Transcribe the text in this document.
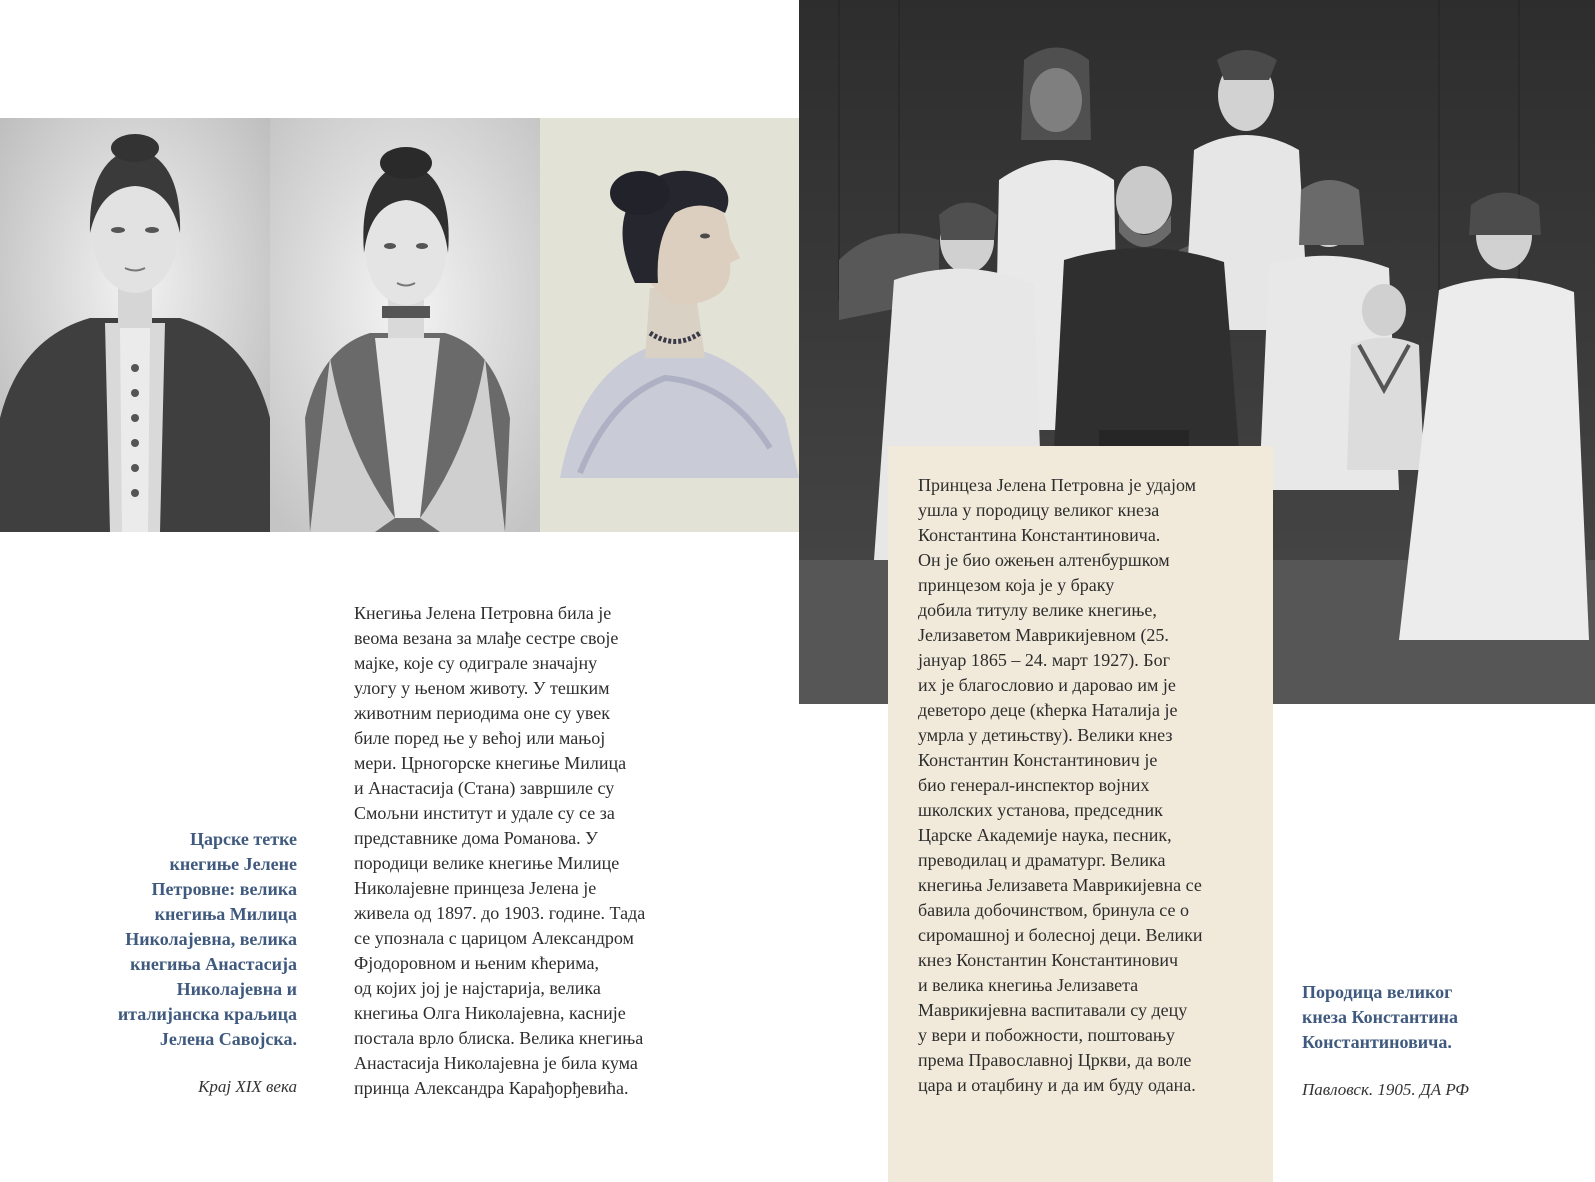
Царске тетке
кнегиње Јелене
Петровне: велика
кнегиња Милица
Николајевна, велика
кнегиња Анастасија
Николајевна и
италијанска краљица
Јелена Савојска.
Крај XIX века
Кнегиња Јелена Петровна била је
веома везана за млађе сестре своје
мајке, које су одиграле значајну
улогу у њеном животу. У тешким
животним периодима оне су увек
биле поред ње у већој или мањој
мери. Црногорске кнегиње Милица
и Анастасија (Стана) завршиле су
Смољни институт и удале су се за
представнике дома Романова. У
породици велике кнегиње Милице
Николајевне принцеза Јелена је
живела од 1897. до 1903. године. Тада
се упознала с царицом Александром
Фјодоровном и њеним кћерима,
од којих јој је најстарија, велика
кнегиња Олга Николајевна, касније
постала врло блиска. Велика кнегиња
Анастасија Николајевна је била кума
принца Александра Карађорђевића.
Принцеза Јелена Петровна је удајом
ушла у породицу великог кнеза
Константина Константиновича.
Он је био ожењен алтенбуршком
принцезом која је у браку
добила титулу велике кнегиње,
Јелизаветом Маврикијевном (25.
јануар 1865 – 24. март 1927). Бог
их је благословио и даровао им је
деветоро деце (кћерка Наталија је
умрла у детињству). Велики кнез
Константин Константинович је
био генерал-инспектор војних
школских установа, председник
Царске Академије наука, песник,
преводилац и драматург. Велика
кнегиња Јелизавета Маврикијевна се
бавила добочинством, бринула се о
сиромашној и болесној деци. Велики
кнез Константин Константинович
и велика кнегиња Јелизавета
Маврикијевна васпитавали су децу
у вери и побожности, поштовању
према Православној Цркви, да воле
цара и отаџбину и да им буду одана.
Породица великог
кнеза Константина
Константиновича.
Павловск. 1905. ДА РФ
